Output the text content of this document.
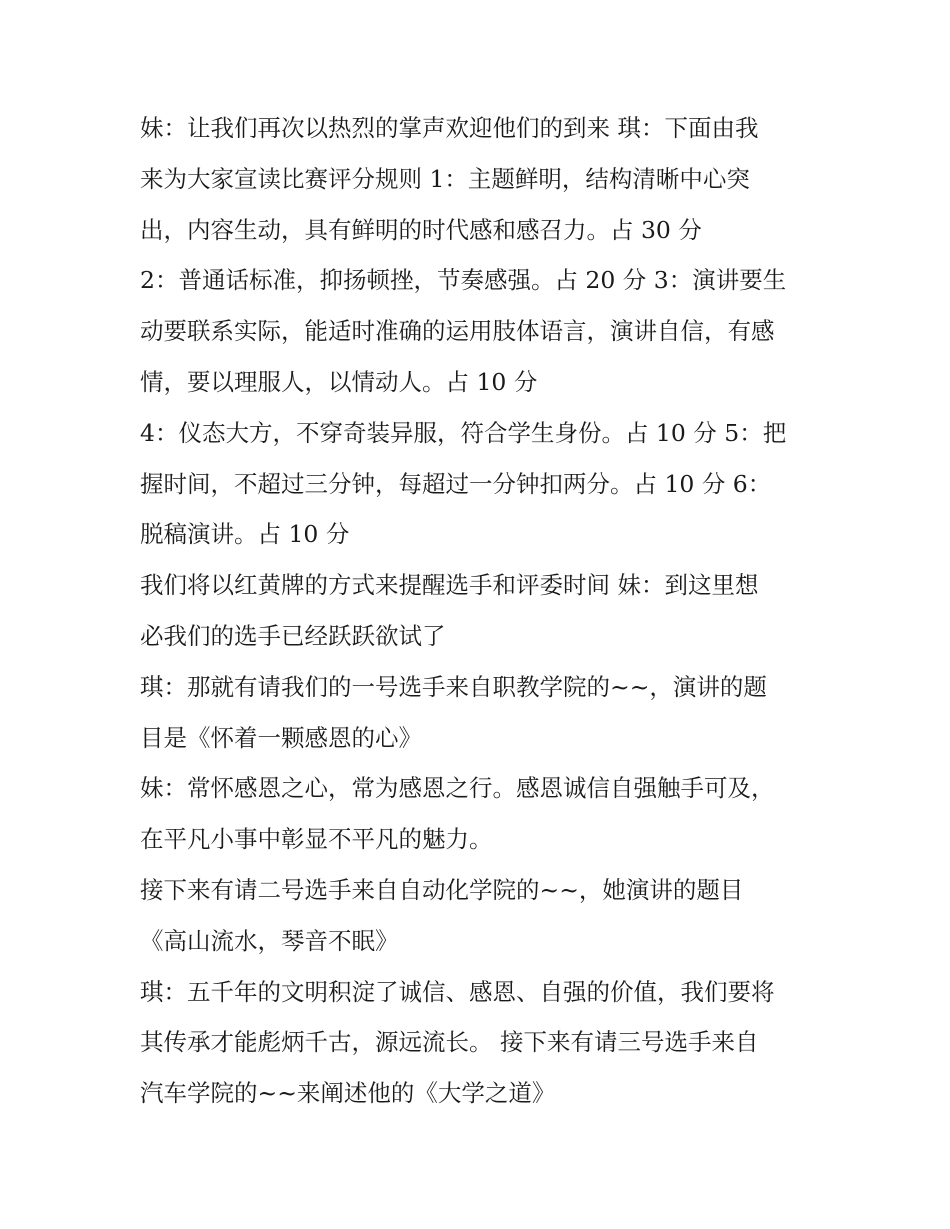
妹：让我们再次以热烈的掌声欢迎他们的到来 琪：下面由我
来为大家宣读比赛评分规则 1：主题鲜明，结构清晰中心突
出，内容生动，具有鲜明的时代感和感召力。占 30 分
2：普通话标准，抑扬顿挫，节奏感强。占 20 分 3：演讲要生
动要联系实际，能适时准确的运用肢体语言，演讲自信，有感
情，要以理服人，以情动人。占 10 分
4：仪态大方，不穿奇装异服，符合学生身份。占 10 分 5：把
握时间，不超过三分钟，每超过一分钟扣两分。占 10 分 6：
脱稿演讲。占 10 分
我们将以红黄牌的方式来提醒选手和评委时间 妹：到这里想
必我们的选手已经跃跃欲试了
琪：那就有请我们的一号选手来自职教学院的~~，演讲的题
目是《怀着一颗感恩的心》
妹：常怀感恩之心，常为感恩之行。感恩诚信自强触手可及，
在平凡小事中彰显不平凡的魅力。
接下来有请二号选手来自自动化学院的~~，她演讲的题目
《高山流水，琴音不眠》
琪：五千年的文明积淀了诚信、感恩、自强的价值，我们要将
其传承才能彪炳千古，源远流长。 接下来有请三号选手来自
汽车学院的~~来阐述他的《大学之道》
